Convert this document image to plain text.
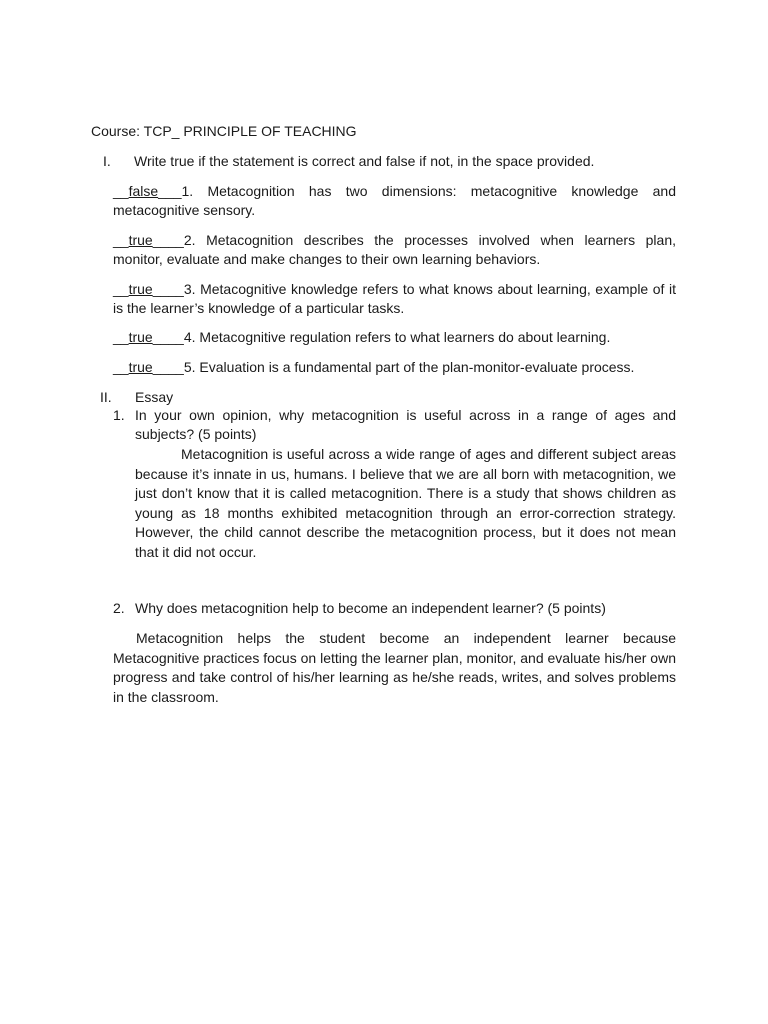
Course: TCP_ PRINCIPLE OF TEACHING
I. Write true if the statement is correct and false if not, in the space provided.
__false___1. Metacognition has two dimensions: metacognitive knowledge and metacognitive sensory.
__true____2. Metacognition describes the processes involved when learners plan, monitor, evaluate and make changes to their own learning behaviors.
__true____3. Metacognitive knowledge refers to what knows about learning, example of it is the learner’s knowledge of a particular tasks.
__true____4. Metacognitive regulation refers to what learners do about learning.
__true____5. Evaluation is a fundamental part of the plan-monitor-evaluate process.
II. Essay
1. In your own opinion, why metacognition is useful across in a range of ages and subjects? (5 points)
Metacognition is useful across a wide range of ages and different subject areas because it’s innate in us, humans. I believe that we are all born with metacognition, we just don’t know that it is called metacognition. There is a study that shows children as young as 18 months exhibited metacognition through an error-correction strategy. However, the child cannot describe the metacognition process, but it does not mean that it did not occur.
2. Why does metacognition help to become an independent learner? (5 points)
Metacognition helps the student become an independent learner because Metacognitive practices focus on letting the learner plan, monitor, and evaluate his/her own progress and take control of his/her learning as he/she reads, writes, and solves problems in the classroom.
